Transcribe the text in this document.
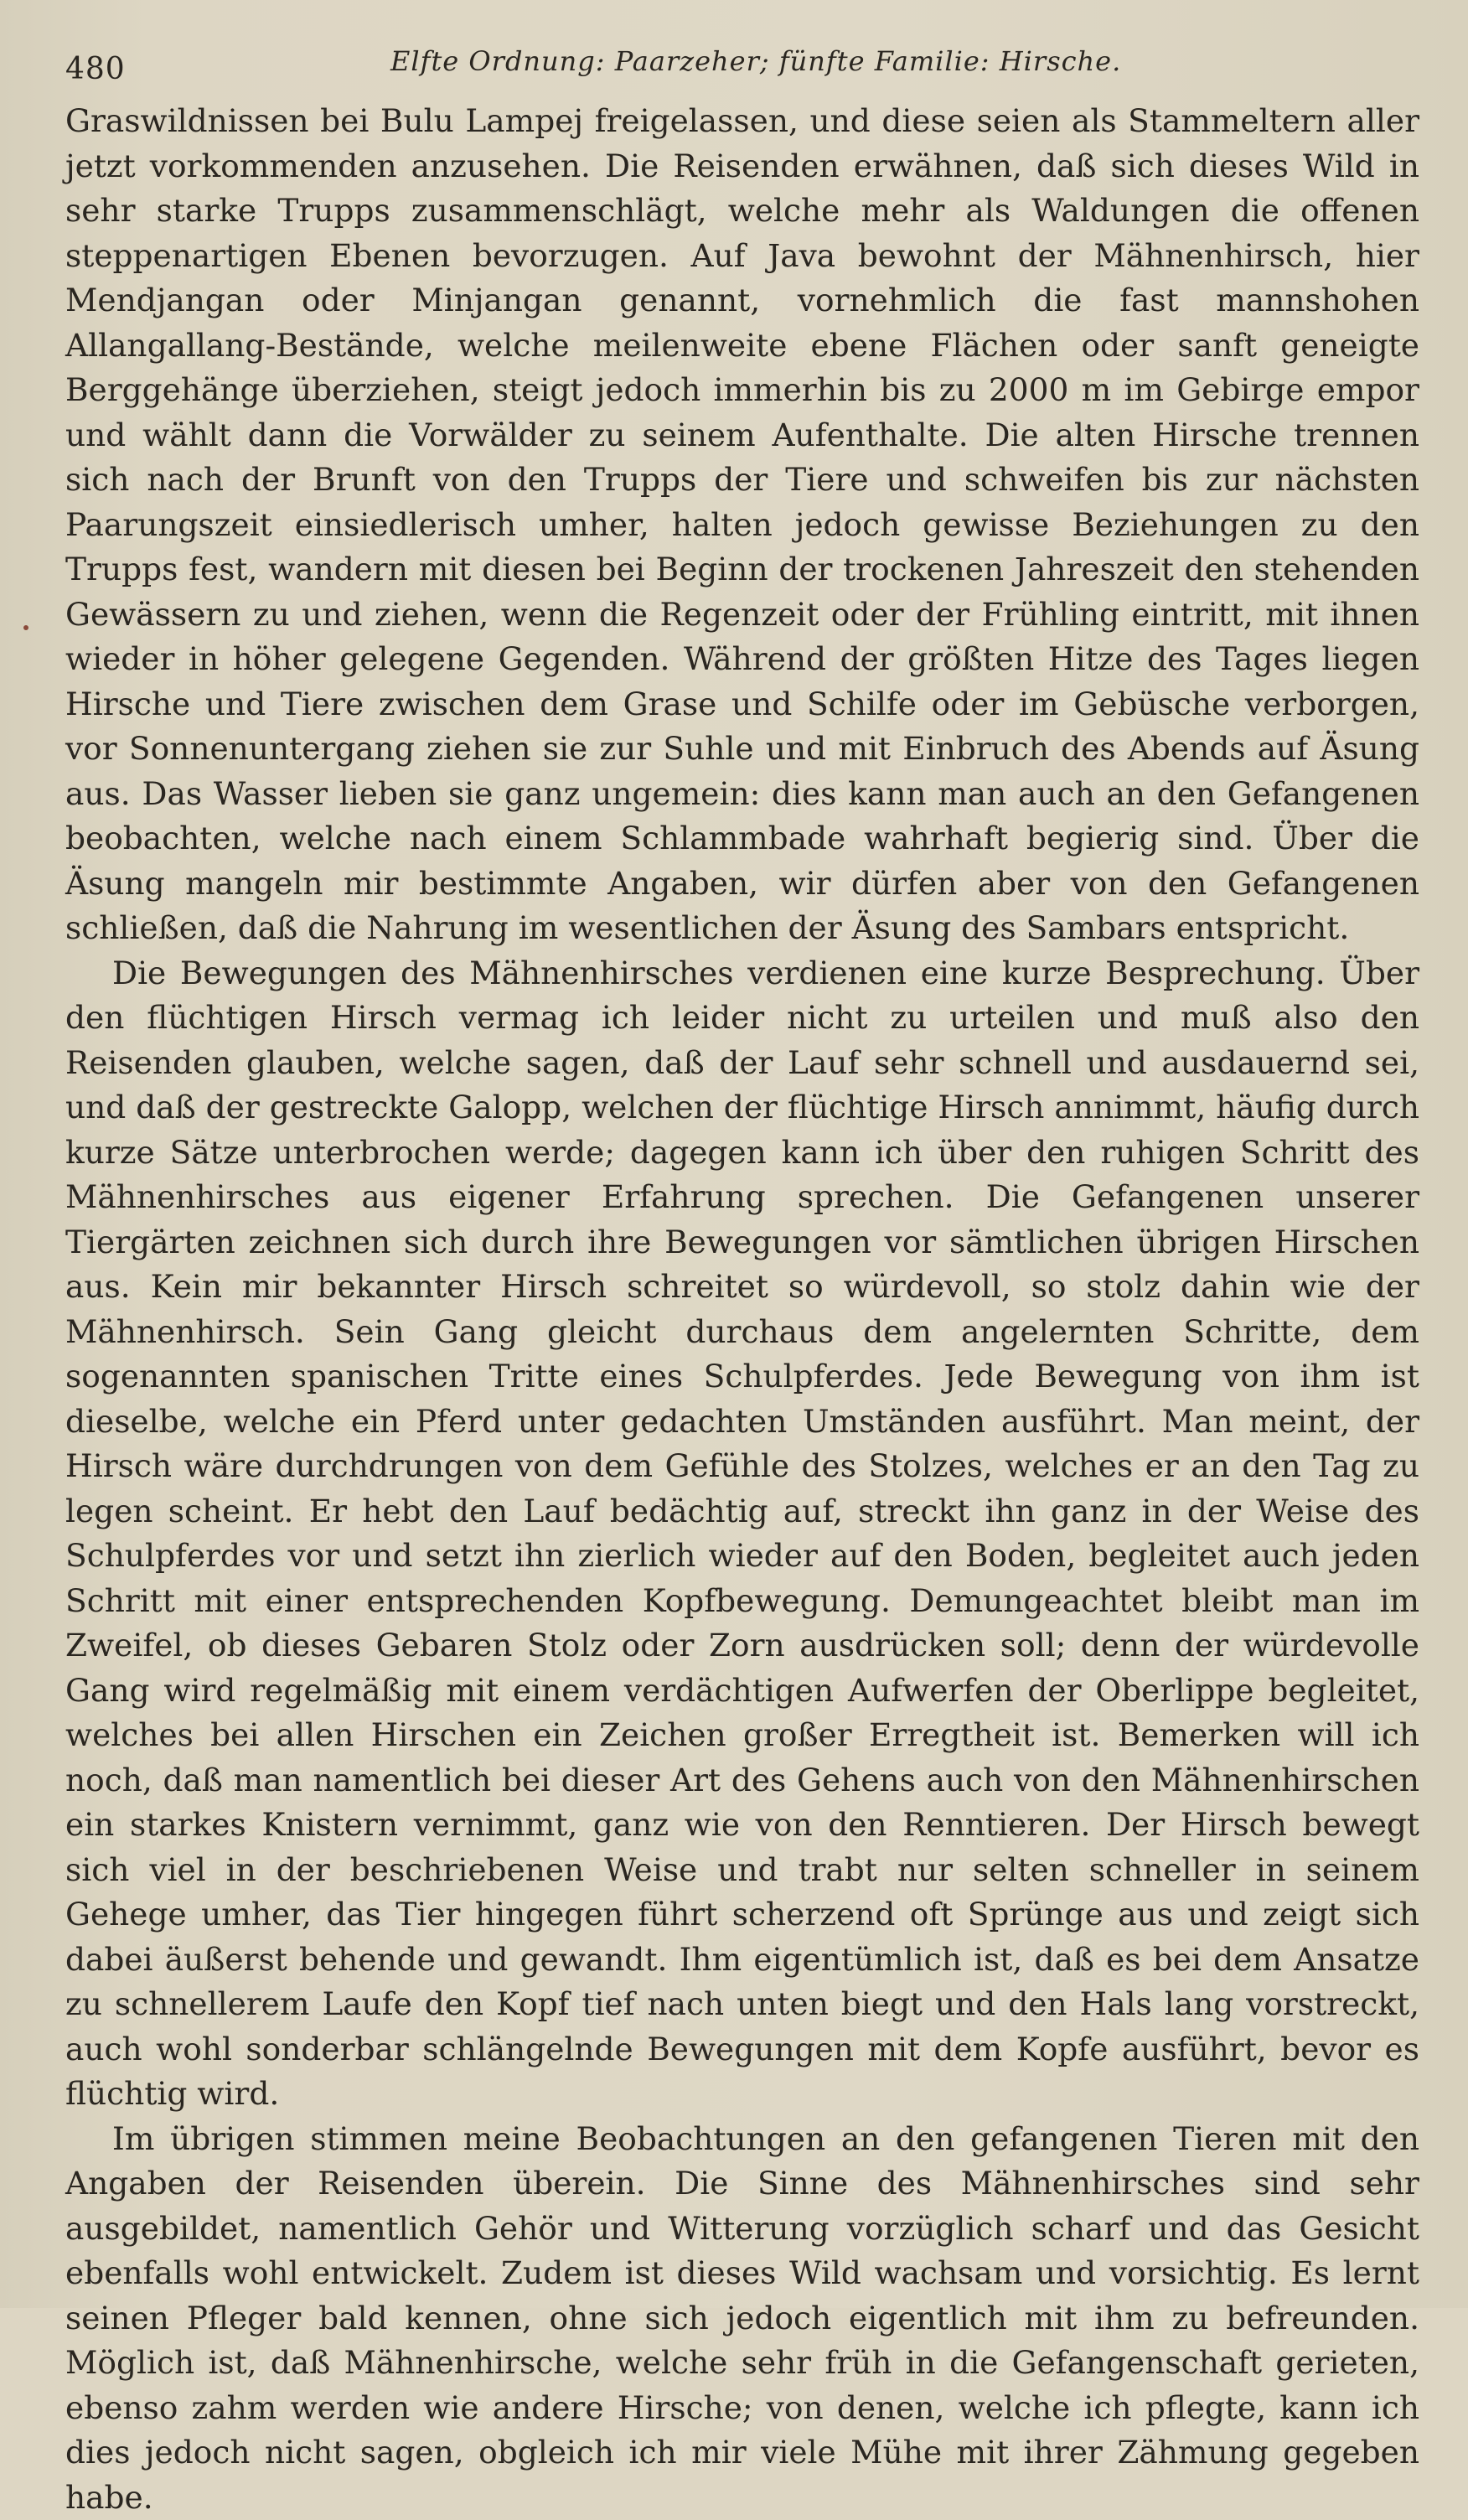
480	Elfte Ordnung: Paarzeher; fünfte Familie: Hirsche.

Graswildnissen bei Bulu Lampej freigelassen, und diese seien als Stammeltern aller jetzt vorkommenden anzusehen. Die Reisenden erwähnen, daß sich dieses Wild in sehr starke Trupps zusammenschlägt, welche mehr als Waldungen die offenen steppenartigen Ebenen bevorzugen. Auf Java bewohnt der Mähnenhirsch, hier Mendjangan oder Minjangan genannt, vornehmlich die fast mannshohen Allangallang-Bestände, welche meilenweite ebene Flächen oder sanft geneigte Berggehänge überziehen, steigt jedoch immerhin bis zu 2000 m im Gebirge empor und wählt dann die Vorwälder zu seinem Aufenthalte. Die alten Hirsche trennen sich nach der Brunft von den Trupps der Tiere und schweifen bis zur nächsten Paarungszeit einsiedlerisch umher, halten jedoch gewisse Beziehungen zu den Trupps fest, wandern mit diesen bei Beginn der trockenen Jahreszeit den stehenden Gewässern zu und ziehen, wenn die Regenzeit oder der Frühling eintritt, mit ihnen wieder in höher gelegene Gegenden. Während der größten Hitze des Tages liegen Hirsche und Tiere zwischen dem Grase und Schilfe oder im Gebüsche verborgen, vor Sonnenuntergang ziehen sie zur Suhle und mit Einbruch des Abends auf Äsung aus. Das Wasser lieben sie ganz ungemein: dies kann man auch an den Gefangenen beobachten, welche nach einem Schlammbade wahrhaft begierig sind. Über die Äsung mangeln mir bestimmte Angaben, wir dürfen aber von den Gefangenen schließen, daß die Nahrung im wesentlichen der Äsung des Sambars entspricht.

Die Bewegungen des Mähnenhirsches verdienen eine kurze Besprechung. Über den flüchtigen Hirsch vermag ich leider nicht zu urteilen und muß also den Reisenden glauben, welche sagen, daß der Lauf sehr schnell und ausdauernd sei, und daß der gestreckte Galopp, welchen der flüchtige Hirsch annimmt, häufig durch kurze Sätze unterbrochen werde; dagegen kann ich über den ruhigen Schritt des Mähnenhirsches aus eigener Erfahrung sprechen. Die Gefangenen unserer Tiergärten zeichnen sich durch ihre Bewegungen vor sämtlichen übrigen Hirschen aus. Kein mir bekannter Hirsch schreitet so würdevoll, so stolz dahin wie der Mähnenhirsch. Sein Gang gleicht durchaus dem angelernten Schritte, dem sogenannten spanischen Tritte eines Schulpferdes. Jede Bewegung von ihm ist dieselbe, welche ein Pferd unter gedachten Umständen ausführt. Man meint, der Hirsch wäre durchdrungen von dem Gefühle des Stolzes, welches er an den Tag zu legen scheint. Er hebt den Lauf bedächtig auf, streckt ihn ganz in der Weise des Schulpferdes vor und setzt ihn zierlich wieder auf den Boden, begleitet auch jeden Schritt mit einer entsprechenden Kopfbewegung. Demungeachtet bleibt man im Zweifel, ob dieses Gebaren Stolz oder Zorn ausdrücken soll; denn der würdevolle Gang wird regelmäßig mit einem verdächtigen Aufwerfen der Oberlippe begleitet, welches bei allen Hirschen ein Zeichen großer Erregtheit ist. Bemerken will ich noch, daß man namentlich bei dieser Art des Gehens auch von den Mähnenhirschen ein starkes Knistern vernimmt, ganz wie von den Renntieren. Der Hirsch bewegt sich viel in der beschriebenen Weise und trabt nur selten schneller in seinem Gehege umher, das Tier hingegen führt scherzend oft Sprünge aus und zeigt sich dabei äußerst behende und gewandt. Ihm eigentümlich ist, daß es bei dem Ansatze zu schnellerem Laufe den Kopf tief nach unten biegt und den Hals lang vorstreckt, auch wohl sonderbar schlängelnde Bewegungen mit dem Kopfe ausführt, bevor es flüchtig wird.

Im übrigen stimmen meine Beobachtungen an den gefangenen Tieren mit den Angaben der Reisenden überein. Die Sinne des Mähnenhirsches sind sehr ausgebildet, namentlich Gehör und Witterung vorzüglich scharf und das Gesicht ebenfalls wohl entwickelt. Zudem ist dieses Wild wachsam und vorsichtig. Es lernt seinen Pfleger bald kennen, ohne sich jedoch eigentlich mit ihm zu befreunden. Möglich ist, daß Mähnenhirsche, welche sehr früh in die Gefangenschaft gerieten, ebenso zahm werden wie andere Hirsche; von denen, welche ich pflegte, kann ich dies jedoch nicht sagen, obgleich ich mir viele Mühe mit ihrer Zähmung gegeben habe.
